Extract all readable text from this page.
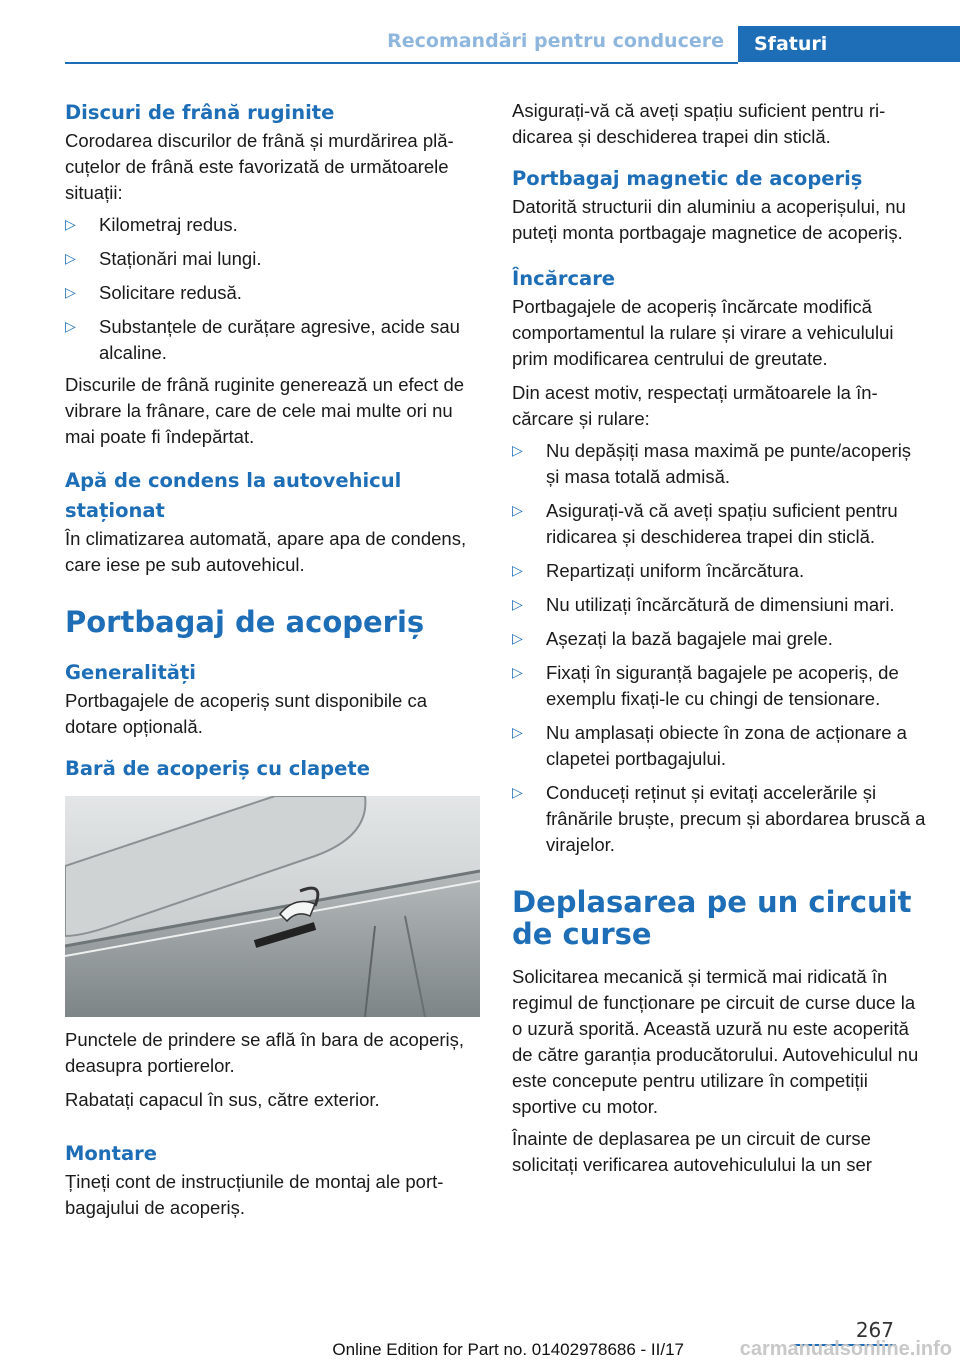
Recomandări pentru conducere	Sfaturi
Discuri de frână ruginite

Corodarea discurilor de frână și murdărirea plăcuțelor de frână este favorizată de următoarele situații:

▷ Kilometraj redus.
▷ Staționări mai lungi.
▷ Solicitare redusă.
▷ Substanțele de curățare agresive, acide sau alcaline.

Discurile de frână ruginite generează un efect de vibrare la frânare, care de cele mai multe ori nu mai poate fi îndepărtat.

Apă de condens la autovehicul staționat

În climatizarea automată, apare apa de condens, care iese pe sub autovehicul.

Portbagaj de acoperiș
Generalități

Portbagajele de acoperiș sunt disponibile ca dotare opțională.

Bară de acoperiș cu clapete

Punctele de prindere se află în bara de acoperiș, deasupra portierelor.

Rabatați capacul în sus, către exterior.

Montare

Țineți cont de instrucțiunile de montaj ale portbagajului de acoperiș.

Asigurați-vă că aveți spațiu suficient pentru ridicarea și deschiderea trapei din sticlă.

Portbagaj magnetic de acoperiș

Datorită structurii din aluminiu a acoperișului, nu puteți monta portbagaje magnetice de acoperiș.

Încărcare

Portbagajele de acoperiș încărcate modifică comportamentul la rulare și virare a vehiculului prim modificarea centrului de greutate.

Din acest motiv, respectați următoarele la încărcare și rulare:

▷ Nu depășiți masa maximă pe punte/acoperiș și masa totală admisă.
▷ Asigurați-vă că aveți spațiu suficient pentru ridicarea și deschiderea trapei din sticlă.
▷ Repartizați uniform încărcătura.
▷ Nu utilizați încărcătură de dimensiuni mari.
▷ Așezați la bază bagajele mai grele.
▷ Fixați în siguranță bagajele pe acoperiș, de exemplu fixați-le cu chingi de tensionare.
▷ Nu amplasați obiecte în zona de acționare a clapetei portbagajului.
▷ Conduceți reținut și evitați accelerările și frânările bruște, precum și abordarea bruscă a virajelor.
Deplasarea pe un circuit de curse

Solicitarea mecanică și termică mai ridicată în regimul de funcționare pe circuit de curse duce la o uzură sporită. Această uzură nu este acoperită de către garanția producătorului. Autovehiculul nu este concepute pentru utilizare în competiții sportive cu motor.

Înainte de deplasarea pe un circuit de curse solicitați verificarea autovehiculului la un ser

267
Online Edition for Part no. 01402978686 - II/17	carmanualsonline.info
